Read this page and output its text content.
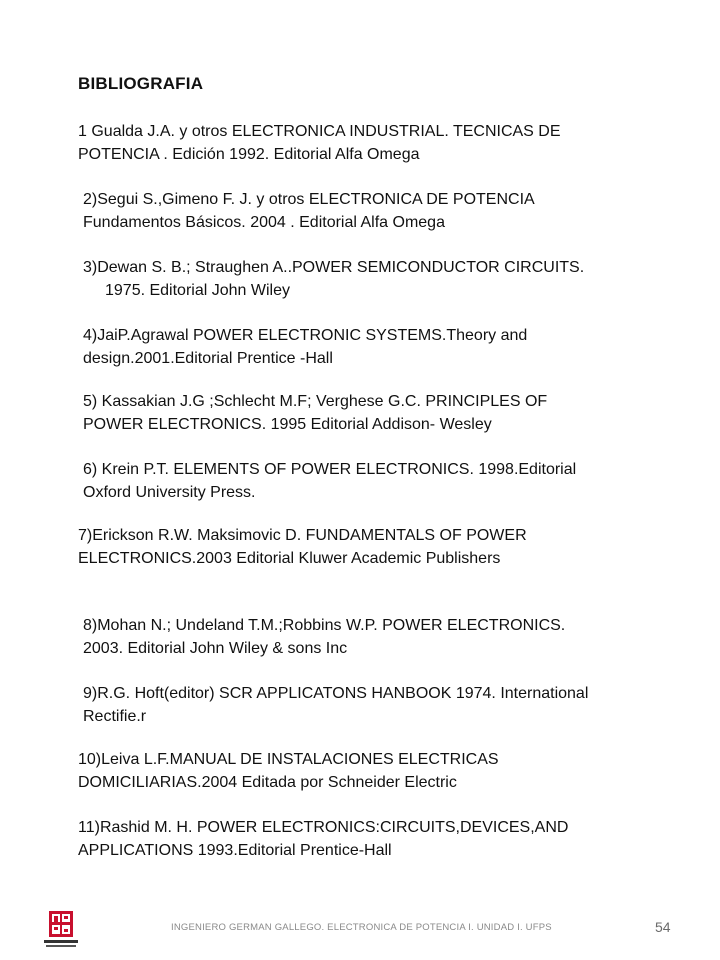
BIBLIOGRAFIA

1 Gualda J.A. y otros ELECTRONICA INDUSTRIAL. TECNICAS DE
POTENCIA . Edición 1992. Editorial Alfa Omega

2)Segui S.,Gimeno F. J. y otros ELECTRONICA DE POTENCIA
Fundamentos Básicos. 2004 . Editorial Alfa Omega

3)Dewan S. B.; Straughen A..POWER SEMICONDUCTOR CIRCUITS.
1975. Editorial John Wiley

4)JaiP.Agrawal POWER ELECTRONIC SYSTEMS.Theory and
design.2001.Editorial Prentice -Hall

5) Kassakian J.G ;Schlecht M.F; Verghese G.C. PRINCIPLES OF
POWER ELECTRONICS. 1995 Editorial Addison- Wesley

6) Krein P.T. ELEMENTS OF POWER ELECTRONICS. 1998.Editorial
Oxford University Press.

7)Erickson R.W. Maksimovic D. FUNDAMENTALS OF POWER
ELECTRONICS.2003 Editorial Kluwer Academic Publishers

8)Mohan N.; Undeland T.M.;Robbins W.P. POWER ELECTRONICS.
2003. Editorial John Wiley & sons Inc

9)R.G. Hoft(editor) SCR APPLICATONS HANBOOK 1974. International
Rectifie.r

10)Leiva L.F.MANUAL DE INSTALACIONES ELECTRICAS
DOMICILIARIAS.2004 Editada por Schneider Electric

11)Rashid M. H. POWER ELECTRONICS:CIRCUITS,DEVICES,AND
APPLICATIONS 1993.Editorial Prentice-Hall

INGENIERO GERMAN GALLEGO. ELECTRONICA DE POTENCIA I. UNIDAD I. UFPS	54
